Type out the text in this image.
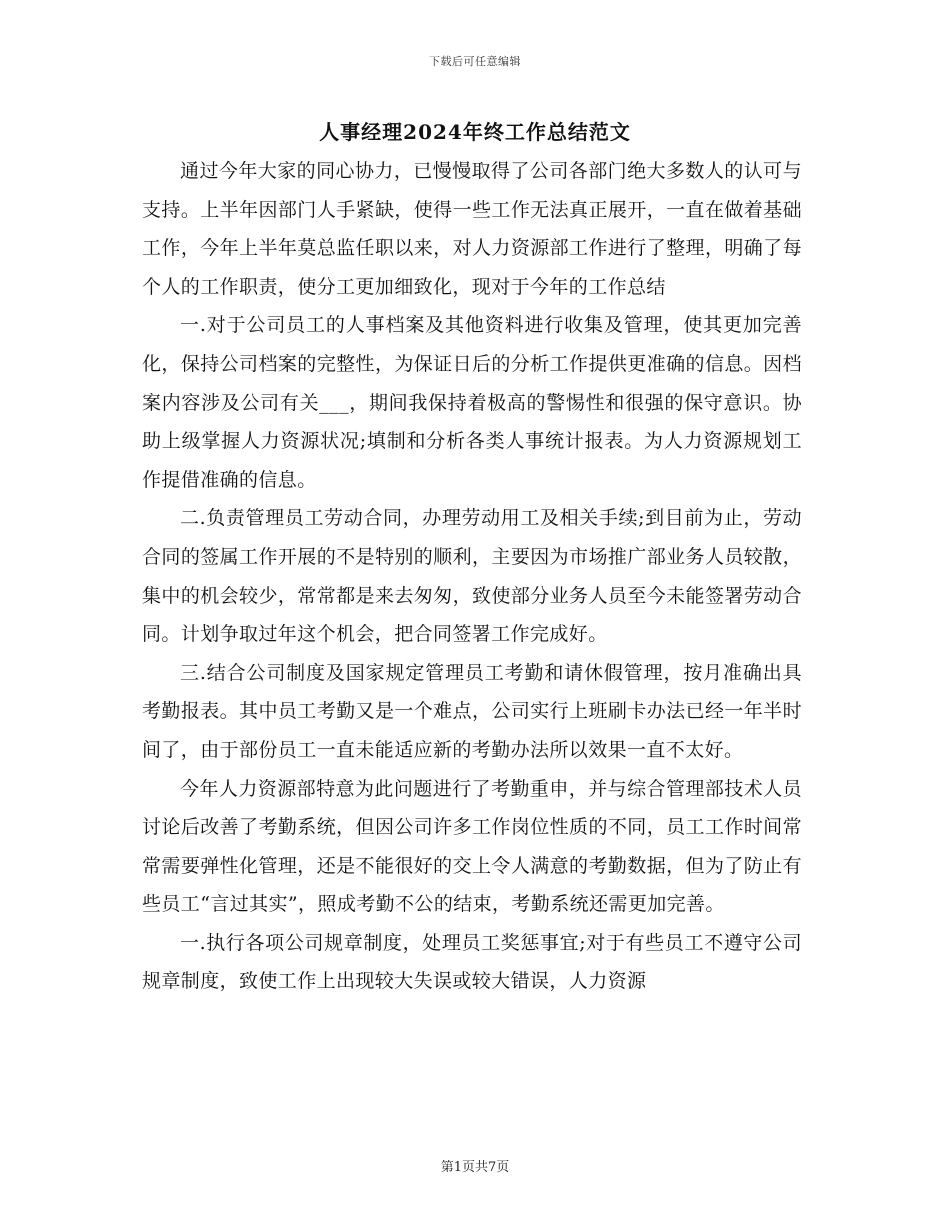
下载后可任意编辑
人事经理2024年终工作总结范文

通过今年大家的同心协力，已慢慢取得了公司各部门绝大多数人的认可与支持。上半年因部门人手紧缺，使得一些工作无法真正展开，一直在做着基础工作，今年上半年莫总监任职以来，对人力资源部工作进行了整理，明确了每个人的工作职责，使分工更加细致化，现对于今年的工作总结

一.对于公司员工的人事档案及其他资料进行收集及管理，使其更加完善化，保持公司档案的完整性，为保证日后的分析工作提供更准确的信息。因档案内容涉及公司有关___，期间我保持着极高的警惕性和很强的保守意识。协助上级掌握人力资源状况;填制和分析各类人事统计报表。为人力资源规划工作提借准确的信息。

二.负责管理员工劳动合同，办理劳动用工及相关手续;到目前为止，劳动合同的签属工作开展的不是特别的顺利，主要因为市场推广部业务人员较散，集中的机会较少，常常都是来去匆匆，致使部分业务人员至今未能签署劳动合同。计划争取过年这个机会，把合同签署工作完成好。

三.结合公司制度及国家规定管理员工考勤和请休假管理，按月准确出具考勤报表。其中员工考勤又是一个难点，公司实行上班刷卡办法已经一年半时间了，由于部份员工一直未能适应新的考勤办法所以效果一直不太好。

今年人力资源部特意为此问题进行了考勤重申，并与综合管理部技术人员讨论后改善了考勤系统，但因公司许多工作岗位性质的不同，员工工作时间常常需要弹性化管理，还是不能很好的交上令人满意的考勤数据，但为了防止有些员工“言过其实”，照成考勤不公的结束，考勤系统还需更加完善。

一.执行各项公司规章制度，处理员工奖惩事宜;对于有些员工不遵守公司规章制度，致使工作上出现较大失误或较大错误，人力资源

第1页共7页
